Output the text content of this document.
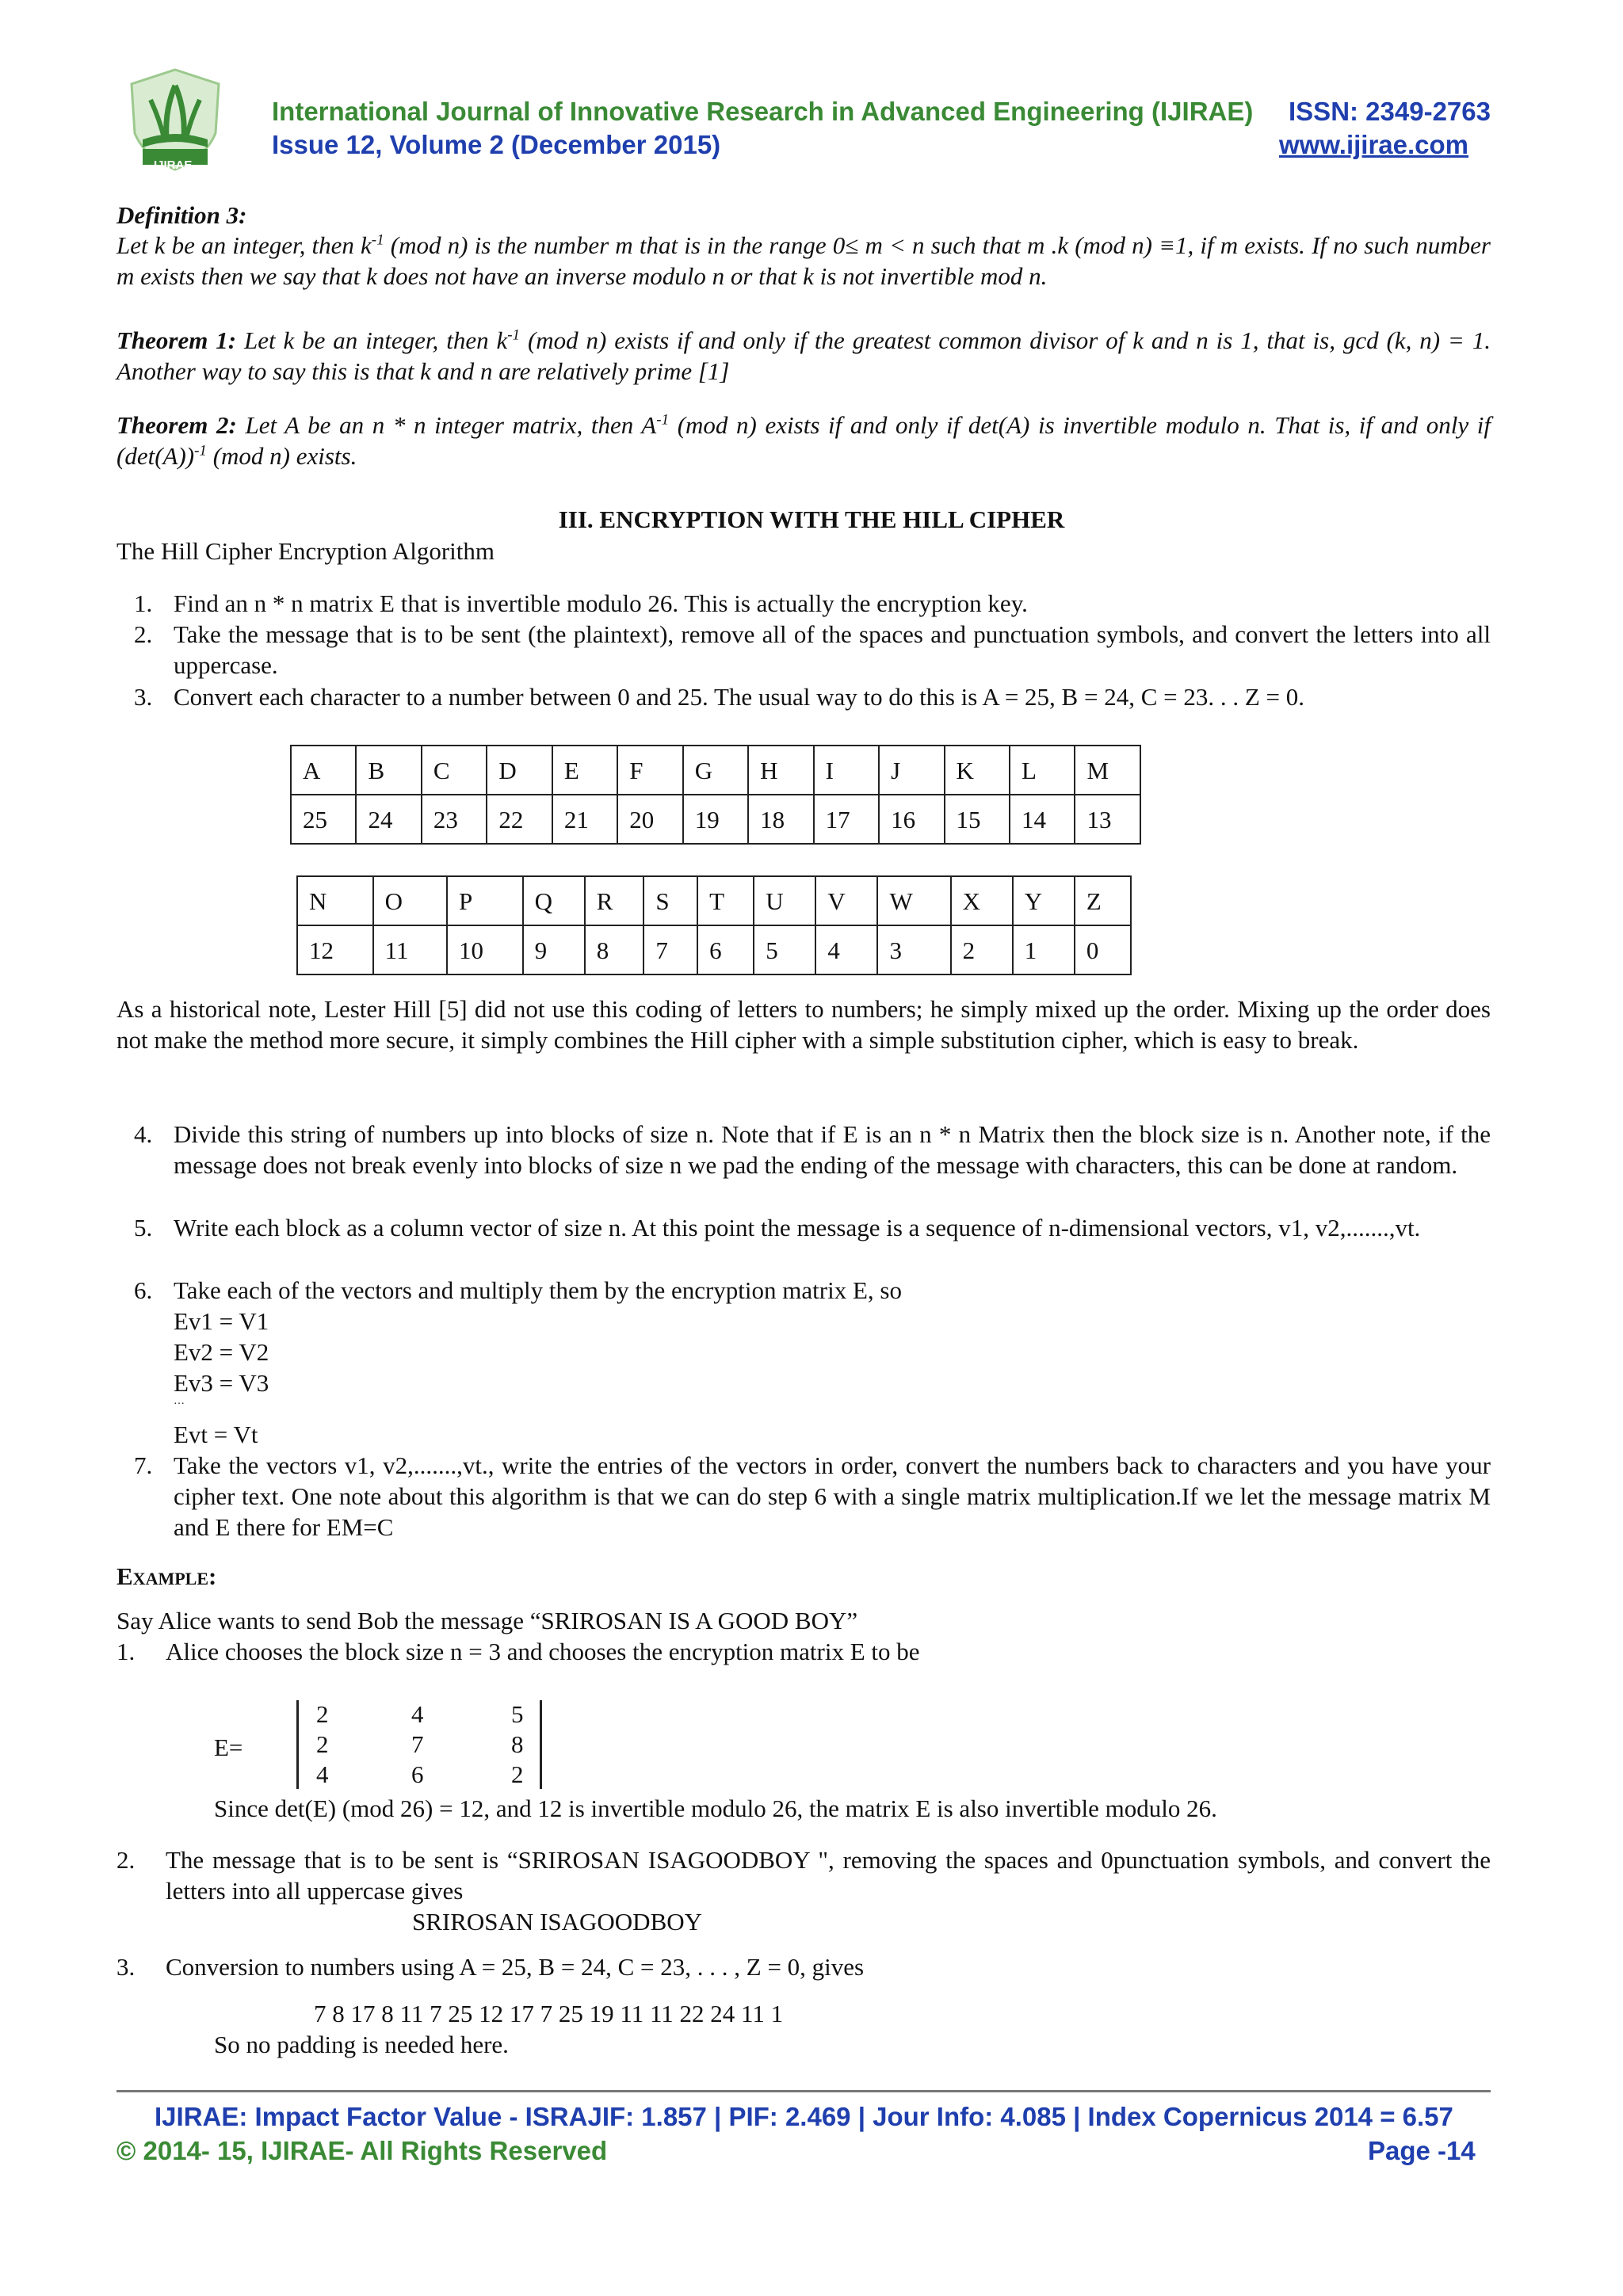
IJIRAE
International Journal of Innovative Research in Advanced Engineering (IJIRAE) ISSN: 2349-2763
Issue 12, Volume 2 (December 2015)	www.ijirae.com
Definition 3:
Let k be an integer, then $k^{-1}$ (mod n) is the number m that is in the range 0≤ m < n such that m .k (mod n) ≡1, if m exists. If no such number m exists then we say that k does not have an inverse modulo n or that k is not invertible mod n.
Theorem 1: Let k be an integer, then $k^{-1}$ (mod n) exists if and only if the greatest common divisor of k and n is 1, that is, gcd (k, n) = 1. Another way to say this is that k and n are relatively prime [1]
Theorem 2: Let A be an n * n integer matrix, then $A^{-1}$ (mod n) exists if and only if det(A) is invertible modulo n. That is, if and only if $(\det(A))^{-1}$ (mod n) exists.
III. ENCRYPTION WITH THE HILL CIPHER
The Hill Cipher Encryption Algorithm
1. Find an n * n matrix E that is invertible modulo 26. This is actually the encryption key.
2. Take the message that is to be sent (the plaintext), remove all of the spaces and punctuation symbols, and convert the letters into all uppercase.
3. Convert each character to a number between 0 and 25. The usual way to do this is A = 25, B = 24, C = 23. . . Z = 0.
A	B	C	D	E	F	G	H	I	J	K	L	M
25	24	23	22	21	20	19	18	17	16	15	14	13
N	O	P	Q	R	S	T	U	V	W	X	Y	Z
12	11	10	9	8	7	6	5	4	3	2	1	0
As a historical note, Lester Hill [5] did not use this coding of letters to numbers; he simply mixed up the order. Mixing up the order does not make the method more secure, it simply combines the Hill cipher with a simple substitution cipher, which is easy to break.
4. Divide this string of numbers up into blocks of size n. Note that if E is an n * n Matrix then the block size is n. Another note, if the message does not break evenly into blocks of size n we pad the ending of the message with characters, this can be done at random.
5. Write each block as a column vector of size n. At this point the message is a sequence of n-dimensional vectors, v1, v2,.......,vt.
6. Take each of the vectors and multiply them by the encryption matrix E, so
Ev1 = V1
Ev2 = V2
Ev3 = V3
…
Evt = Vt
7. Take the vectors v1, v2,.......,vt., write the entries of the vectors in order, convert the numbers back to characters and you have your cipher text. One note about this algorithm is that we can do step 6 with a single matrix multiplication.If we let the message matrix M and E there for EM=C
Example:
Say Alice wants to send Bob the message “SRIROSAN IS A GOOD BOY”
1. Alice chooses the block size n = 3 and chooses the encryption matrix E to be
E=
2	4	5
2	7	8
4	6	2
Since det(E) (mod 26) = 12, and 12 is invertible modulo 26, the matrix E is also invertible modulo 26.
2. The message that is to be sent is “SRIROSAN ISAGOODBOY ", removing the spaces and 0punctuation symbols, and convert the letters into all uppercase gives
SRIROSAN ISAGOODBOY
3. Conversion to numbers using A = 25, B = 24, C = 23, . . . , Z = 0, gives
7 8 17 8 11 7 25 12 17 7 25 19 11 11 22 24 11 1
So no padding is needed here.
IJIRAE: Impact Factor Value - ISRAJIF: 1.857 | PIF: 2.469 | Jour Info: 4.085 | Index Copernicus 2014 = 6.57
© 2014- 15, IJIRAE- All Rights Reserved	Page -14
